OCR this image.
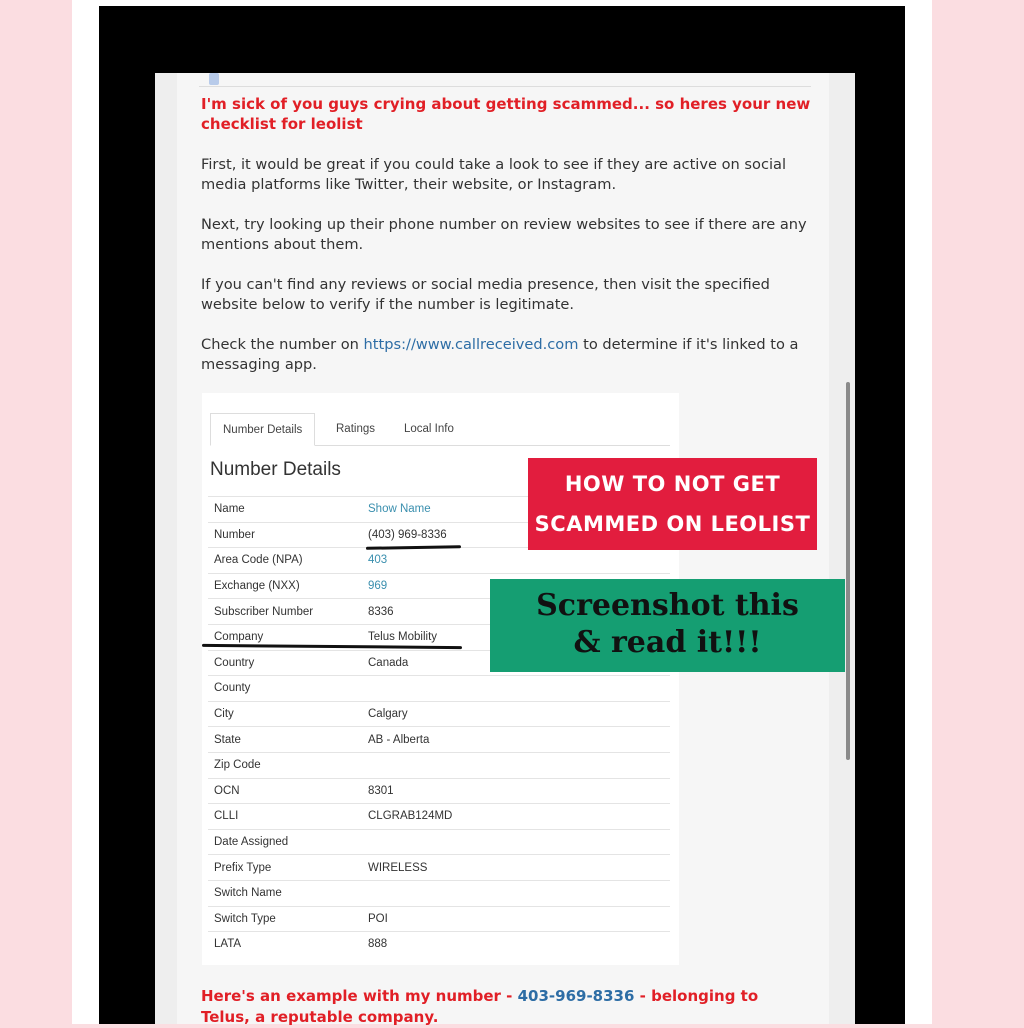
I'm sick of you guys crying about getting scammed... so heres your new checklist for leolist

First, it would be great if you could take a look to see if they are active on social media platforms like Twitter, their website, or Instagram.

Next, try looking up their phone number on review websites to see if there are any mentions about them.

If you can't find any reviews or social media presence, then visit the specified website below to verify if the number is legitimate.

Check the number on https://www.callreceived.com to determine if it's linked to a messaging app.

Number Details	Ratings	Local Info
Number Details
Name	Show Name
Number	(403) 969-8336
Area Code (NPA)	403
Exchange (NXX)	969
Subscriber Number	8336
Company	Telus Mobility
Country	Canada
County	
City	Calgary
State	AB - Alberta
Zip Code	
OCN	8301
CLLI	CLGRAB124MD
Date Assigned	
Prefix Type	WIRELESS
Switch Name	
Switch Type	POI
LATA	888
HOW TO NOT GET
SCAMMED ON LEOLIST
Screenshot this
& read it!!!

Here's an example with my number - 403-969-8336 - belonging to Telus, a reputable company.
